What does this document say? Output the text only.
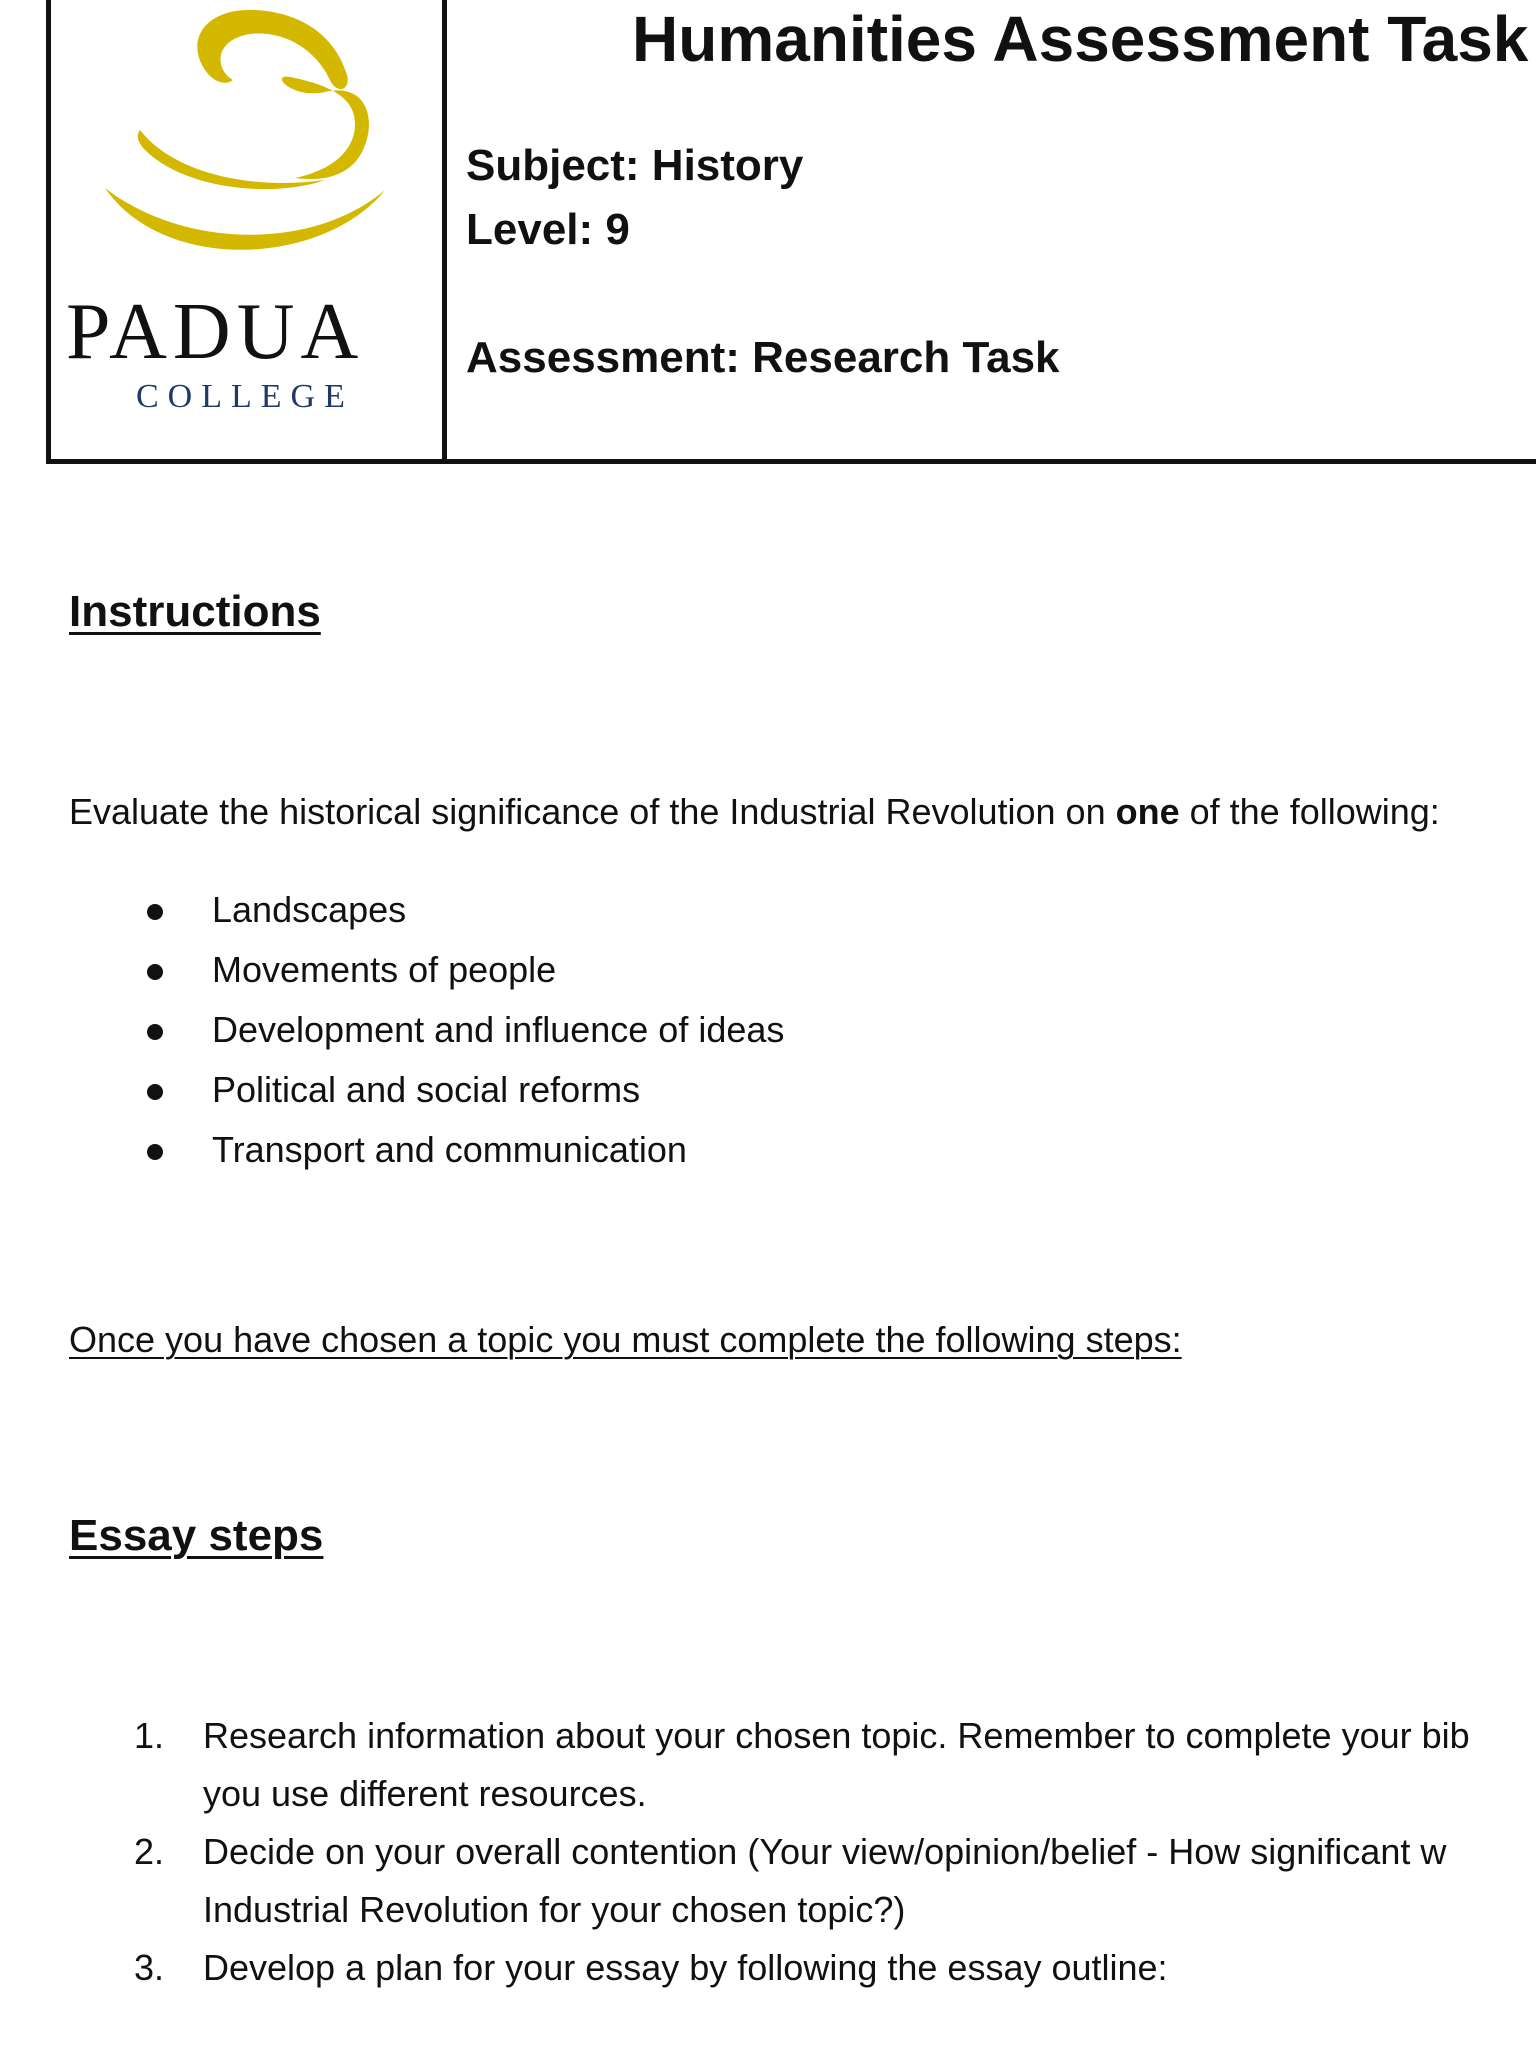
PADUA
COLLEGE
Humanities Assessment Task
Subject: History
Level: 9
Assessment: Research Task
Instructions
Evaluate the historical significance of the Industrial Revolution on one of the following:
Landscapes
Movements of people
Development and influence of ideas
Political and social reforms
Transport and communication
Once you have chosen a topic you must complete the following steps:
Essay steps
1. Research information about your chosen topic. Remember to complete your bib
you use different resources.
2. Decide on your overall contention (Your view/opinion/belief - How significant w
Industrial Revolution for your chosen topic?)
3. Develop a plan for your essay by following the essay outline:
